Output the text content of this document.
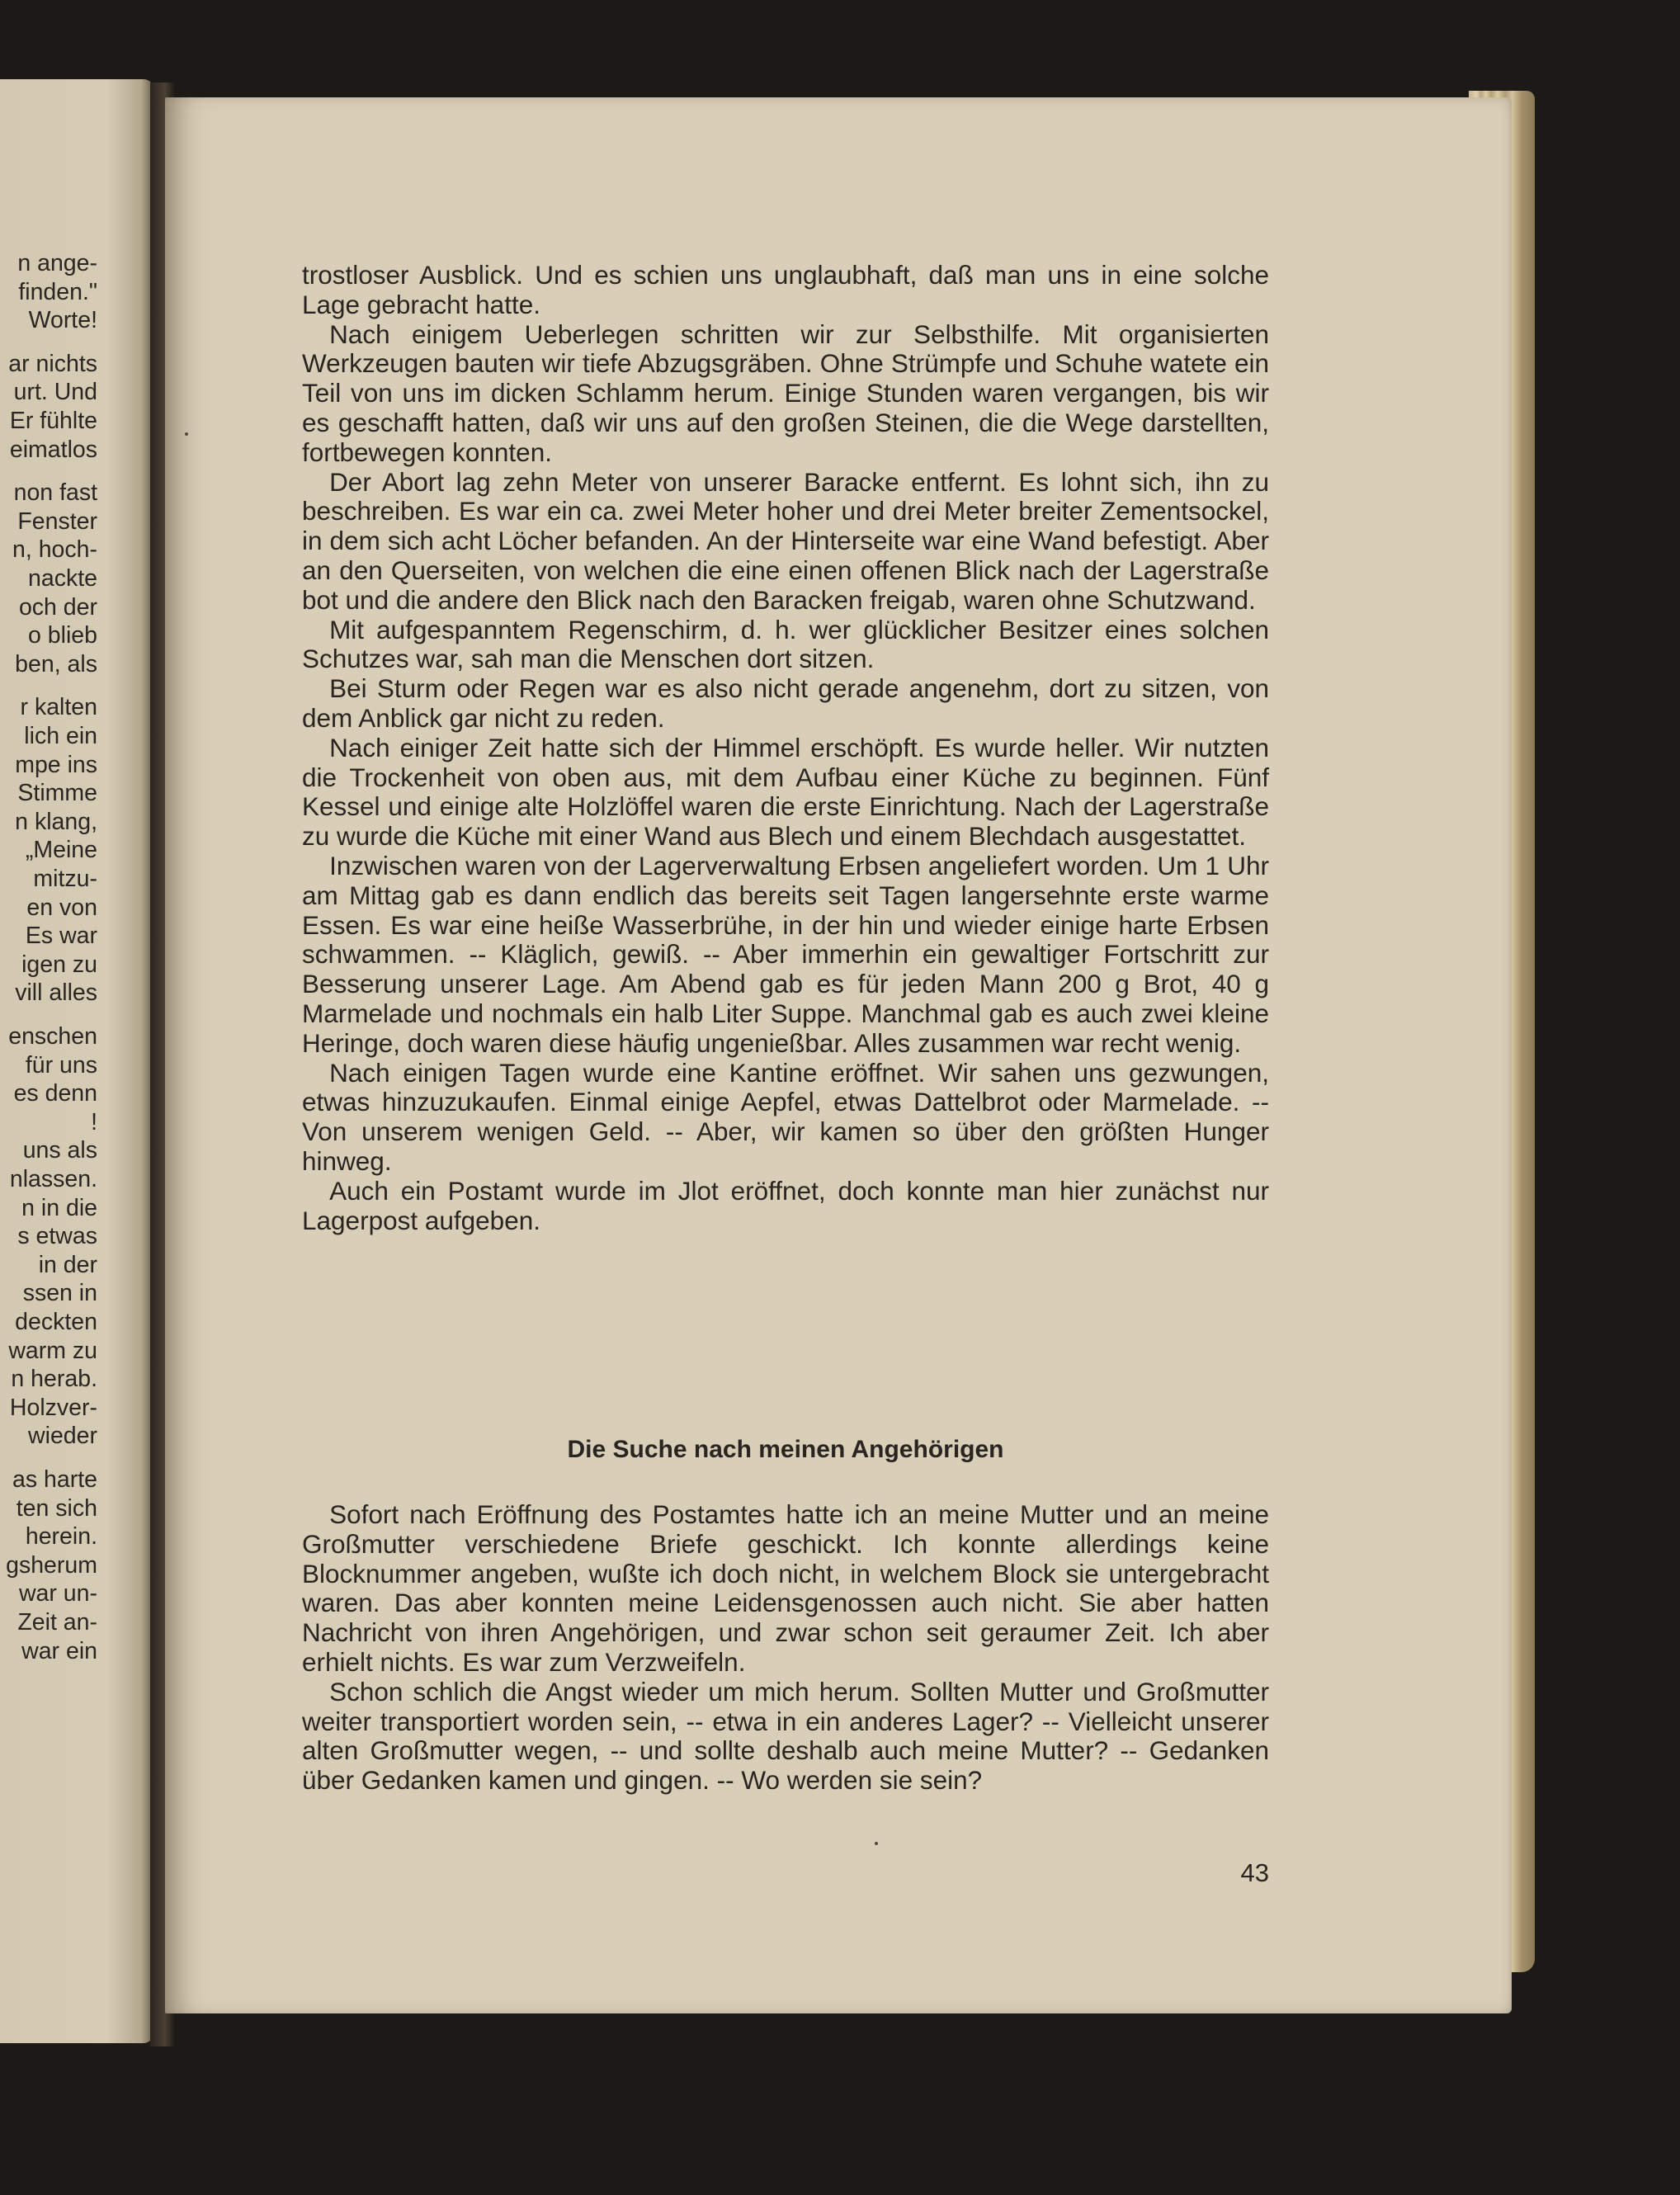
n ange-
finden."
Worte!
ar nichts
urt. Und
Er fühlte
eimatlos
non fast
Fenster
n, hoch-
nackte
och der
o blieb
ben, als
r kalten
lich ein
mpe ins
Stimme
n klang,
„Meine
mitzu-
en von
Es war
igen zu
vill alles
enschen
für uns
es denn
!
uns als
nlassen.
n in die
s etwas
in der
ssen in
deckten
warm zu
n herab.
Holzver-
wieder
as harte
ten sich
herein.
gsherum
war un-
Zeit an-
war ein

trostloser Ausblick. Und es schien uns unglaubhaft, daß man uns in eine solche Lage gebracht hatte.

Nach einigem Ueberlegen schritten wir zur Selbsthilfe. Mit organisierten Werkzeugen bauten wir tiefe Abzugsgräben. Ohne Strümpfe und Schuhe watete ein Teil von uns im dicken Schlamm herum. Einige Stunden waren vergangen, bis wir es geschafft hatten, daß wir uns auf den großen Steinen, die die Wege darstellten, fortbewegen konnten.

Der Abort lag zehn Meter von unserer Baracke entfernt. Es lohnt sich, ihn zu beschreiben. Es war ein ca. zwei Meter hoher und drei Meter breiter Zementsockel, in dem sich acht Löcher befanden. An der Hinterseite war eine Wand befestigt. Aber an den Querseiten, von welchen die eine einen offenen Blick nach der Lagerstraße bot und die andere den Blick nach den Baracken freigab, waren ohne Schutzwand.

Mit aufgespanntem Regenschirm, d. h. wer glücklicher Besitzer eines solchen Schutzes war, sah man die Menschen dort sitzen.

Bei Sturm oder Regen war es also nicht gerade angenehm, dort zu sitzen, von dem Anblick gar nicht zu reden.

Nach einiger Zeit hatte sich der Himmel erschöpft. Es wurde heller. Wir nutzten die Trockenheit von oben aus, mit dem Aufbau einer Küche zu beginnen. Fünf Kessel und einige alte Holzlöffel waren die erste Einrichtung. Nach der Lagerstraße zu wurde die Küche mit einer Wand aus Blech und einem Blechdach ausgestattet.

Inzwischen waren von der Lagerverwaltung Erbsen angeliefert worden. Um 1 Uhr am Mittag gab es dann endlich das bereits seit Tagen langersehnte erste warme Essen. Es war eine heiße Wasserbrühe, in der hin und wieder einige harte Erbsen schwammen. -- Kläglich, gewiß. -- Aber immerhin ein gewaltiger Fortschritt zur Besserung unserer Lage. Am Abend gab es für jeden Mann 200 g Brot, 40 g Marmelade und nochmals ein halb Liter Suppe. Manchmal gab es auch zwei kleine Heringe, doch waren diese häufig ungenießbar. Alles zusammen war recht wenig.

Nach einigen Tagen wurde eine Kantine eröffnet. Wir sahen uns gezwungen, etwas hinzuzukaufen. Einmal einige Aepfel, etwas Dattelbrot oder Marmelade. -- Von unserem wenigen Geld. -- Aber, wir kamen so über den größten Hunger hinweg.

Auch ein Postamt wurde im Jlot eröffnet, doch konnte man hier zunächst nur Lagerpost aufgeben.

Die Suche nach meinen Angehörigen

Sofort nach Eröffnung des Postamtes hatte ich an meine Mutter und an meine Großmutter verschiedene Briefe geschickt. Ich konnte allerdings keine Blocknummer angeben, wußte ich doch nicht, in welchem Block sie untergebracht waren. Das aber konnten meine Leidensgenossen auch nicht. Sie aber hatten Nachricht von ihren Angehörigen, und zwar schon seit geraumer Zeit. Ich aber erhielt nichts. Es war zum Verzweifeln.

Schon schlich die Angst wieder um mich herum. Sollten Mutter und Großmutter weiter transportiert worden sein, -- etwa in ein anderes Lager? -- Vielleicht unserer alten Großmutter wegen, -- und sollte deshalb auch meine Mutter? -- Gedanken über Gedanken kamen und gingen. -- Wo werden sie sein?

43
